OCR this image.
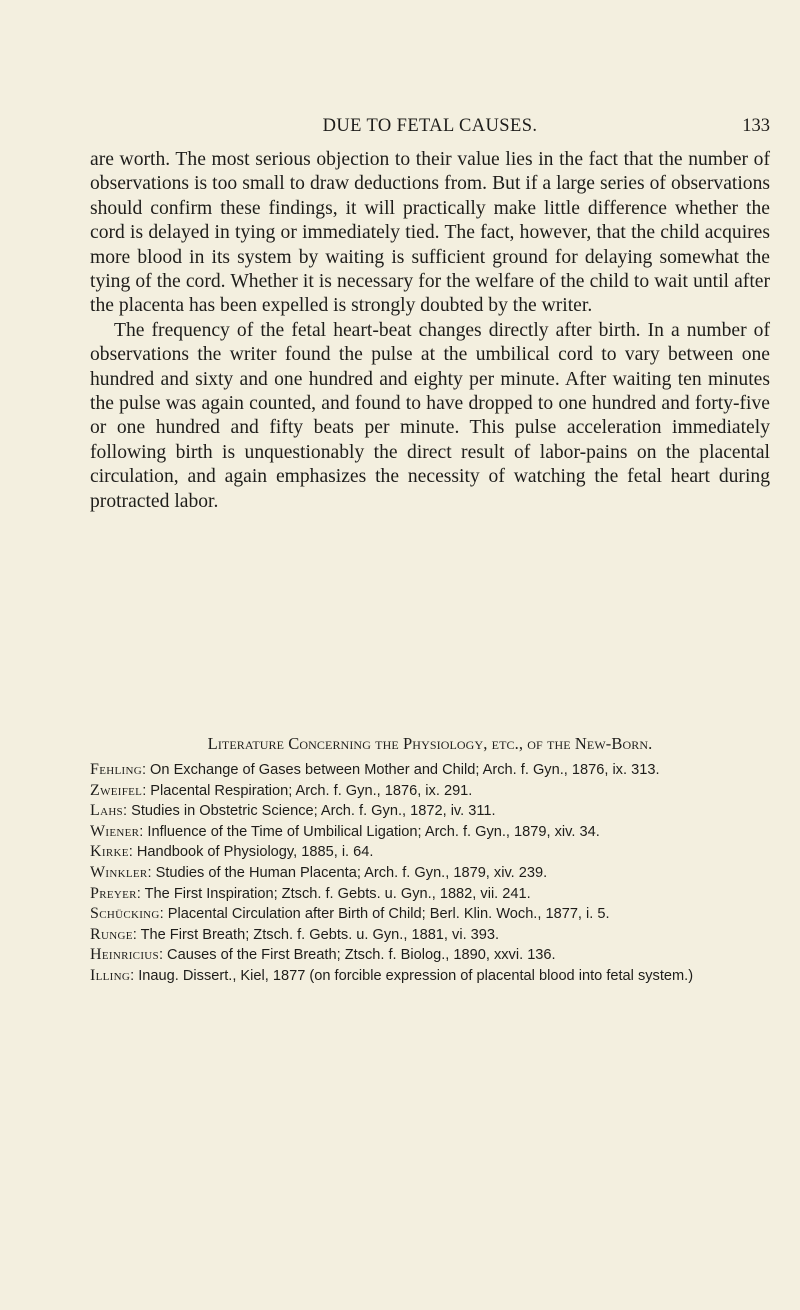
DUE TO FETAL CAUSES.	133

are worth. The most serious objection to their value lies in the fact that the number of observations is too small to draw deductions from. But if a large series of observations should confirm these findings, it will practically make little difference whether the cord is delayed in tying or immediately tied. The fact, however, that the child acquires more blood in its system by waiting is sufficient ground for delaying somewhat the tying of the cord. Whether it is necessary for the welfare of the child to wait until after the placenta has been expelled is strongly doubted by the writer.

The frequency of the fetal heart-beat changes directly after birth. In a number of observations the writer found the pulse at the umbilical cord to vary between one hundred and sixty and one hundred and eighty per minute. After waiting ten minutes the pulse was again counted, and found to have dropped to one hundred and forty-five or one hundred and fifty beats per minute. This pulse acceleration immediately following birth is unquestionably the direct result of labor-pains on the placental circulation, and again emphasizes the necessity of watching the fetal heart during protracted labor.

Literature Concerning the Physiology, etc., of the New-Born.

Fehling: On Exchange of Gases between Mother and Child; Arch. f. Gyn., 1876, ix. 313.

Zweifel: Placental Respiration; Arch. f. Gyn., 1876, ix. 291.

Lahs: Studies in Obstetric Science; Arch. f. Gyn., 1872, iv. 311.

Wiener: Influence of the Time of Umbilical Ligation; Arch. f. Gyn., 1879, xiv. 34.

Kirke: Handbook of Physiology, 1885, i. 64.

Winkler: Studies of the Human Placenta; Arch. f. Gyn., 1879, xiv. 239.

Preyer: The First Inspiration; Ztsch. f. Gebts. u. Gyn., 1882, vii. 241.

Schücking: Placental Circulation after Birth of Child; Berl. Klin. Woch., 1877, i. 5.

Runge: The First Breath; Ztsch. f. Gebts. u. Gyn., 1881, vi. 393.

Heinricius: Causes of the First Breath; Ztsch. f. Biolog., 1890, xxvi. 136.

Illing: Inaug. Dissert., Kiel, 1877 (on forcible expression of placental blood into fetal system.)
